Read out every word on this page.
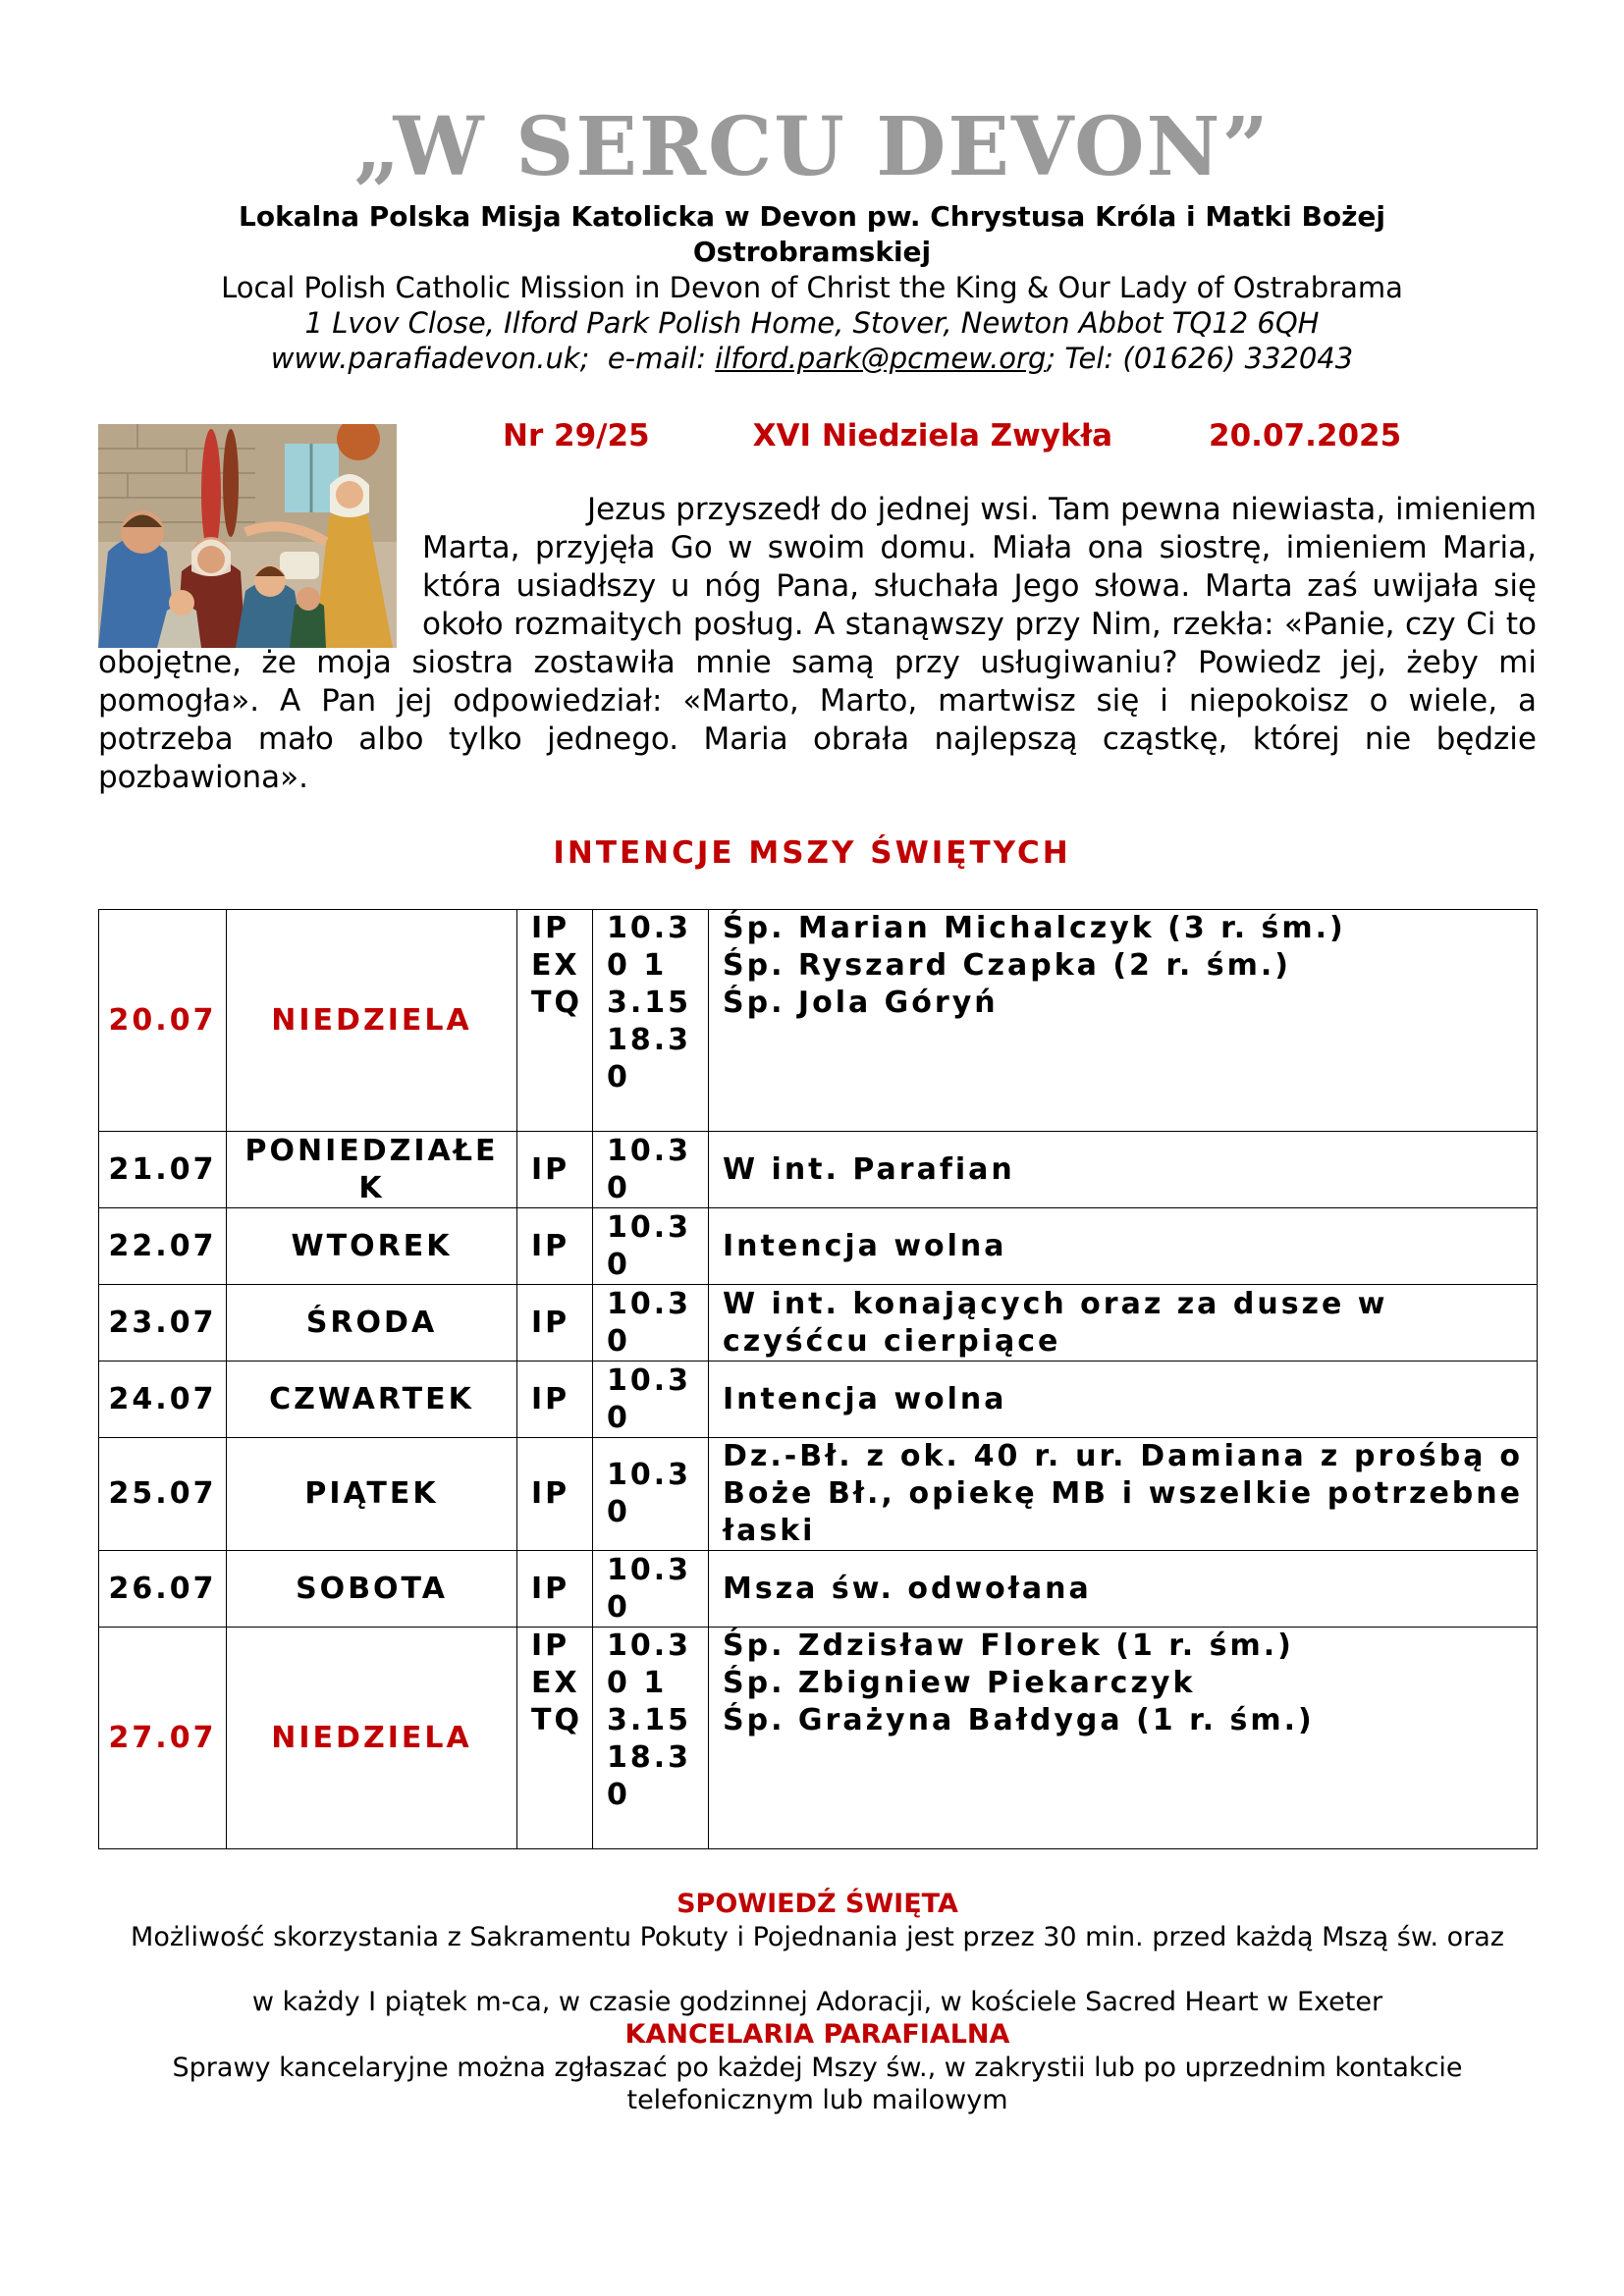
„W SERCU DEVON”

Lokalna Polska Misja Katolicka w Devon pw. Chrystusa Króla i Matki Bożej Ostrobramskiej

Local Polish Catholic Mission in Devon of Christ the King & Our Lady of Ostrabrama

1 Lvov Close, Ilford Park Polish Home, Stover, Newton Abbot TQ12 6QH

www.parafiadevon.uk; e-mail: ilford.park@pcmew.org; Tel: (01626) 332043

Nr 29/25	XVI Niedziela Zwykła	20.07.2025

Jezus przyszedł do jednej wsi. Tam pewna niewiasta, imieniem Marta, przyjęła Go w swoim domu. Miała ona siostrę, imieniem Maria, która usiadłszy u nóg Pana, słuchała Jego słowa. Marta zaś uwijała się około rozmaitych posług. A stanąwszy przy Nim, rzekła: «Panie, czy Ci to obojętne, że moja siostra zostawiła mnie samą przy usługiwaniu? Powiedz jej, żeby mi pomogła». A Pan jej odpowiedział: «Marto, Marto, martwisz się i niepokoisz o wiele, a potrzeba mało albo tylko jednego. Maria obrała najlepszą cząstkę, której nie będzie pozbawiona».

INTENCJE MSZY ŚWIĘTYCH
20.07	NIEDZIELA	IPEXTQ	10.30 13.15 18.30	Śp. Marian Michalczyk (3 r. śm.)
Śp. Ryszard Czapka (2 r. śm.)
Śp. Jola Góryń

21.07	PONIEDZIAŁEK	IP	10.30	W int. Parafian

22.07	WTOREK	IP	10.30	Intencja wolna

23.07	ŚRODA	IP	10.30	W int. konających oraz za dusze w czyśćcu cierpiące

24.07	CZWARTEK	IP	10.30	Intencja wolna

25.07	PIĄTEK	IP	10.30	Dz.-Bł. z ok. 40 r. ur. Damiana z prośbą o Boże Bł., opiekę MB i wszelkie potrzebne łaski
26.07	SOBOTA	IP	10.30	Msza św. odwołana

27.07	NIEDZIELA	IPEXTQ	10.30 13.15 18.30	Śp. Zdzisław Florek (1 r. śm.)
Śp. Zbigniew Piekarczyk
Śp. Grażyna Bałdyga (1 r. śm.)

SPOWIEDŹ ŚWIĘTA

Możliwość skorzystania z Sakramentu Pokuty i Pojednania jest przez 30 min. przed każdą Mszą św. oraz

w każdy I piątek m-ca, w czasie godzinnej Adoracji, w kościele Sacred Heart w Exeter

KANCELARIA PARAFIALNA

Sprawy kancelaryjne można zgłaszać po każdej Mszy św., w zakrystii lub po uprzednim kontakcie telefonicznym lub mailowym
